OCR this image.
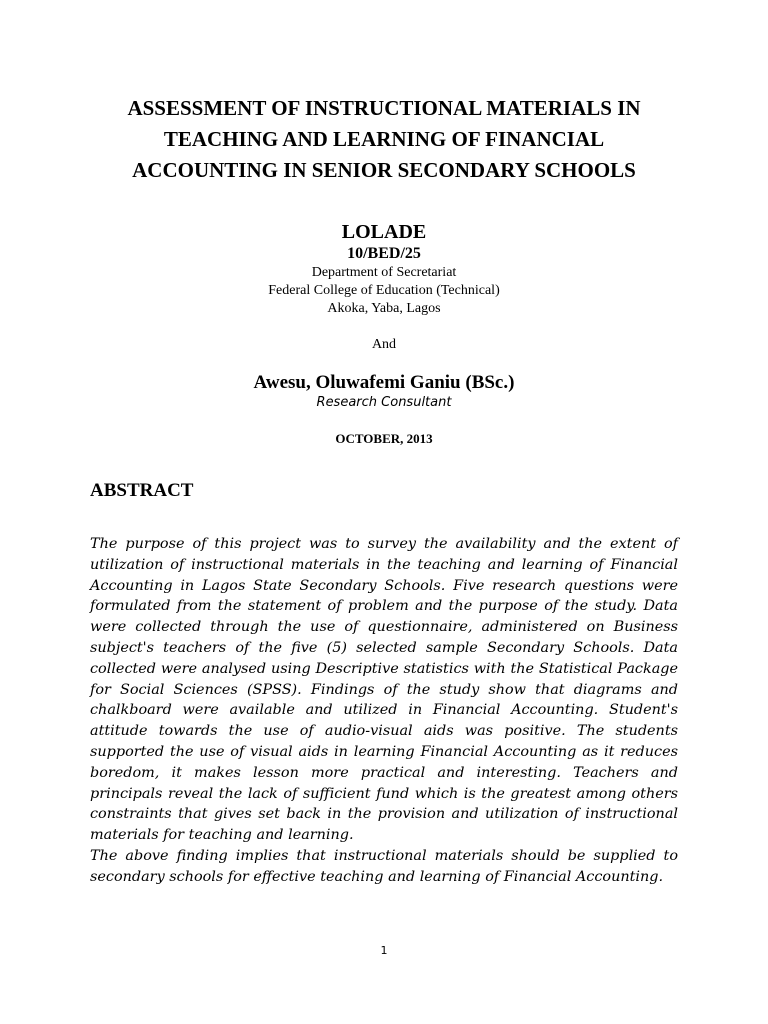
ASSESSMENT OF INSTRUCTIONAL MATERIALS IN
TEACHING AND LEARNING OF FINANCIAL
ACCOUNTING IN SENIOR SECONDARY SCHOOLS
LOLADE
10/BED/25
Department of Secretariat
Federal College of Education (Technical)
Akoka, Yaba, Lagos
And
Awesu, Oluwafemi Ganiu (BSc.)
Research Consultant
OCTOBER, 2013
ABSTRACT

The purpose of this project was to survey the availability and the extent of utilization of instructional materials in the teaching and learning of Financial Accounting in Lagos State Secondary Schools. Five research questions were formulated from the statement of problem and the purpose of the study. Data were collected through the use of questionnaire, administered on Business subject's teachers of the five (5) selected sample Secondary Schools. Data collected were analysed using Descriptive statistics with the Statistical Package for Social Sciences (SPSS). Findings of the study show that diagrams and chalkboard were available and utilized in Financial Accounting. Student's attitude towards the use of audio-visual aids was positive. The students supported the use of visual aids in learning Financial Accounting as it reduces boredom, it makes lesson more practical and interesting. Teachers and principals reveal the lack of sufficient fund which is the greatest among others constraints that gives set back in the provision and utilization of instructional materials for teaching and learning.

The above finding implies that instructional materials should be supplied to secondary schools for effective teaching and learning of Financial Accounting.

1
